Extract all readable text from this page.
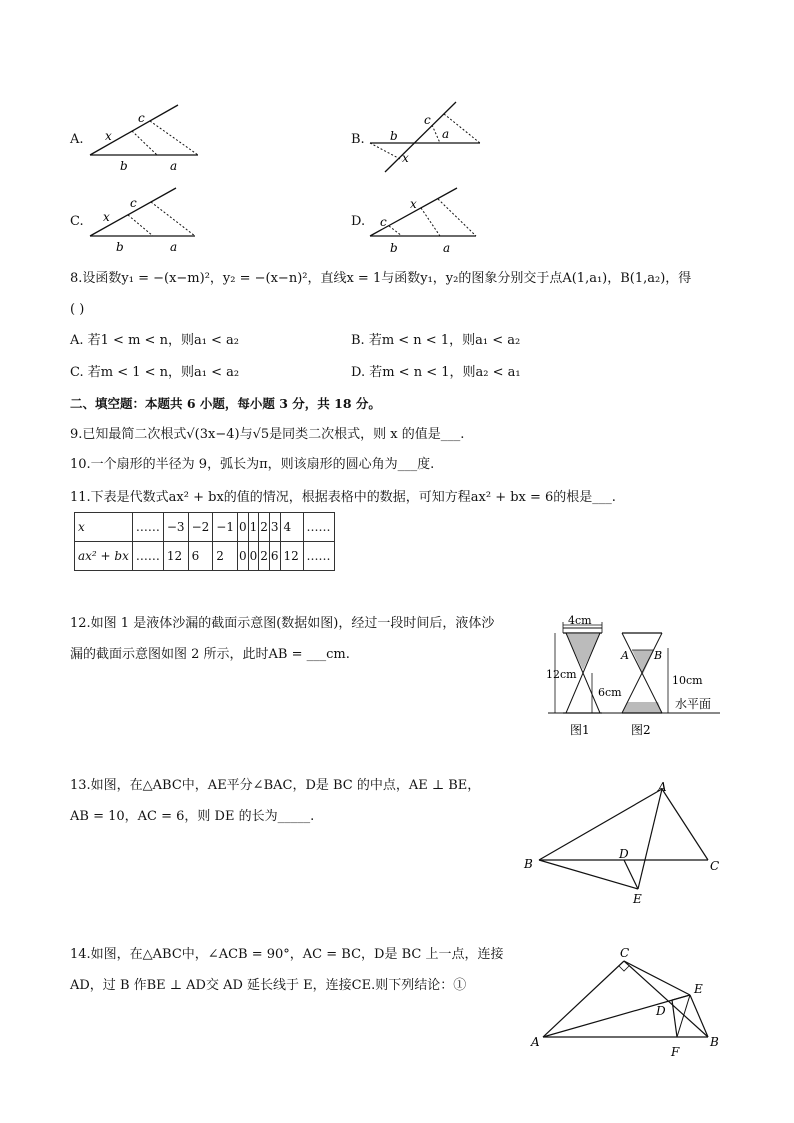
A. x
c
b	a
B. b
c
a
x
C. x
c
b	a
D. c
x
b	a
8.设函数y₁ = −(x−m)²，y₂ = −(x−n)²，直线x = 1与函数y₁，y₂的图象分别交于点A(1,a₁)，B(1,a₂)，得
( )
A. 若1 < m < n，则a₁ < a₂	B. 若m < n < 1，则a₁ < a₂
C. 若m < 1 < n，则a₁ < a₂	D. 若m < n < 1，则a₂ < a₁
二、填空题：本题共 6 小题，每小题 3 分，共 18 分。
9.已知最简二次根式√(3x−4)与√5是同类二次根式，则 x 的值是___.
10.一个扇形的半径为 9，弧长为π，则该扇形的圆心角为___度.
11.下表是代数式ax² + bx的值的情况，根据表格中的数据，可知方程ax² + bx = 6的根是___.
x	……	−3	−2	−1	0	1	2	3	4	……
ax² + bx	……	12	6	2	0	0	2	6	12	……
12.如图 1 是液体沙漏的截面示意图(数据如图)，经过一段时间后，液体沙
漏的截面示意图如图 2 所示，此时AB = ___cm.
4cm
12cm
6cm
A B
10cm
水平面
图1	图2
13.如图，在△ABC中，AE平分∠BAC，D是 BC 的中点，AE ⊥ BE，
AB = 10，AC = 6，则 DE 的长为_____.
A
B	C
D
E
14.如图，在△ABC中，∠ACB = 90°，AC = BC，D是 BC 上一点，连接
AD，过 B 作BE ⊥ AD交 AD 延长线于 E，连接CE.则下列结论：①
C
E
D
A
F
B
